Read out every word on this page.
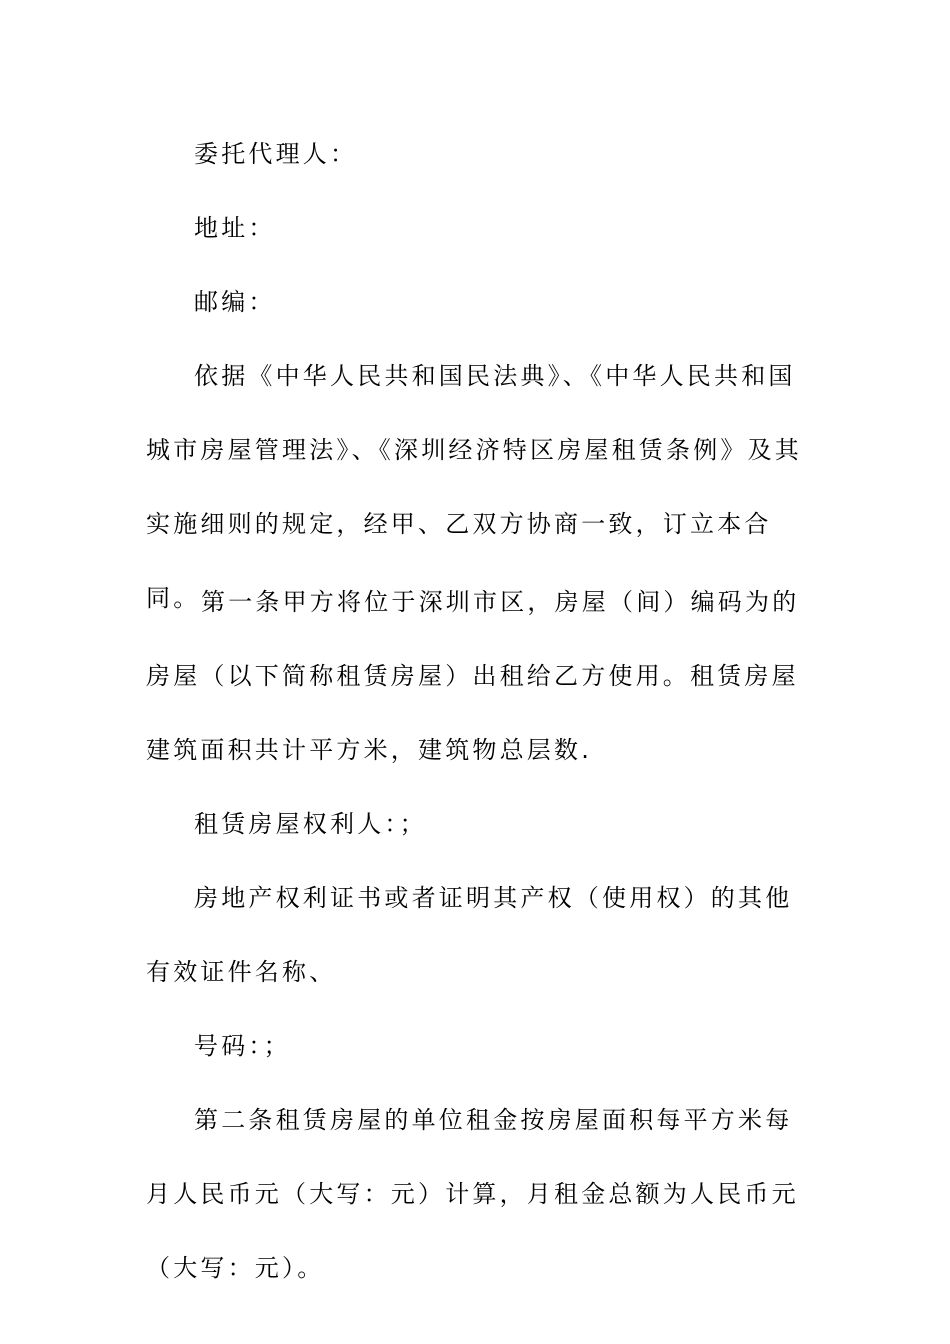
委托代理人：

地址：

邮编：

依据《中华人民共和国民法典》、《中华人民共和国城市房屋管理法》、《深圳经济特区房屋租赁条例》及其实施细则的规定，经甲、乙双方协商一致，订立本合同。 第一条甲方将位于深圳市区，房屋（间）编码为的房屋（以下简称租赁房屋）出租给乙方使用。租赁房屋建筑面积共计平方米，建筑物总层数.

租赁房屋权利人：；

房地产权利证书或者证明其产权（使用权）的其他有效证件名称、

号码：；

第二条租赁房屋的单位租金按房屋面积每平方米每月人民币元（大写：元）计算，月租金总额为人民币元（大写：元）。
